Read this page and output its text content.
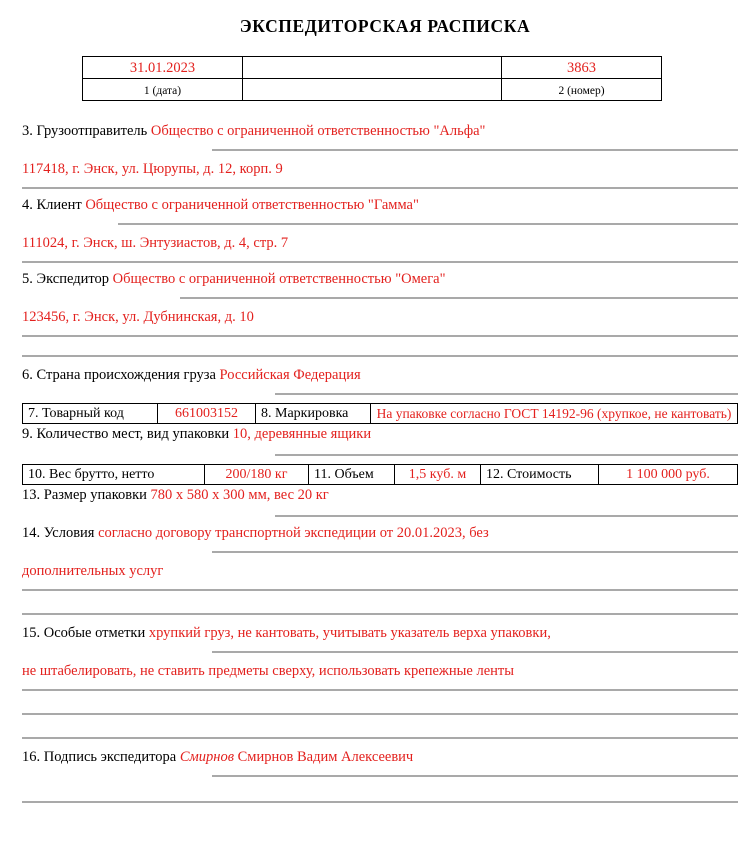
ЭКСПЕДИТОРСКАЯ РАСПИСКА
31.01.2023		3863
1 (дата)		2 (номер)
3. Грузоотправитель Общество с ограниченной ответственностью "Альфа"
117418, г. Энск, ул. Цюрупы, д. 12, корп. 9
4. Клиент Общество с ограниченной ответственностью "Гамма"
111024, г. Энск, ш. Энтузиастов, д. 4, стр. 7
5. Экспедитор Общество с ограниченной ответственностью "Омега"
123456, г. Энск, ул. Дубнинская, д. 10
6. Страна происхождения груза Российская Федерация
7. Товарный код	661003152	8. Маркировка	На упаковке согласно ГОСТ 14192-96 (хрупкое, не кантовать)
9. Количество мест, вид упаковки 10, деревянные ящики
10. Вес брутто, нетто	200/180 кг	11. Объем	1,5 куб. м	12. Стоимость	1 100 000 руб.
13. Размер упаковки 780 х 580 х 300 мм, вес 20 кг
14. Условия согласно договору транспортной экспедиции от 20.01.2023, без
дополнительных услуг
15. Особые отметки хрупкий груз, не кантовать, учитывать указатель верха упаковки,
не штабелировать, не ставить предметы сверху, использовать крепежные ленты
16. Подпись экспедитора Смирнов Смирнов Вадим Алексеевич
